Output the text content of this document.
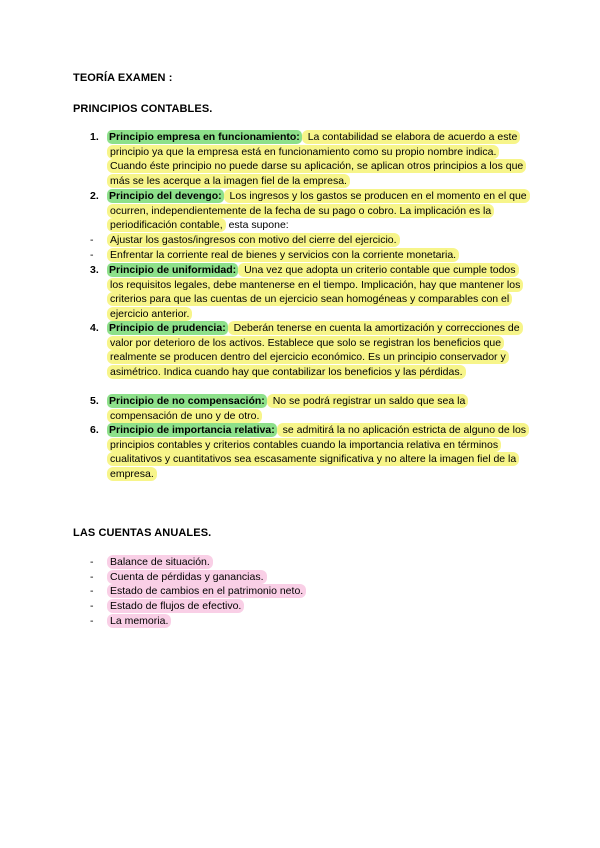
TEORÍA EXAMEN :
PRINCIPIOS CONTABLES.
1. Principio empresa en funcionamiento: La contabilidad se elabora de acuerdo a este principio ya que la empresa está en funcionamiento como su propio nombre indica. Cuando éste principio no puede darse su aplicación, se aplican otros principios a los que más se les acerque a la imagen fiel de la empresa.
2. Principio del devengo: Los ingresos y los gastos se producen en el momento en el que ocurren, independientemente de la fecha de su pago o cobro. La implicación es la periodificación contable, esta supone:
- Ajustar los gastos/ingresos con motivo del cierre del ejercicio.
- Enfrentar la corriente real de bienes y servicios con la corriente monetaria.
3. Principio de uniformidad: Una vez que adopta un criterio contable que cumple todos los requisitos legales, debe mantenerse en el tiempo. Implicación, hay que mantener los criterios para que las cuentas de un ejercicio sean homogéneas y comparables con el ejercicio anterior.
4. Principio de prudencia: Deberán tenerse en cuenta la amortización y correcciones de valor por deterioro de los activos. Establece que solo se registran los beneficios que realmente se producen dentro del ejercicio económico. Es un principio conservador y asimétrico. Indica cuando hay que contabilizar los beneficios y las pérdidas.
5. Principio de no compensación: No se podrá registrar un saldo que sea la compensación de uno y de otro.
6. Principio de importancia relativa: se admitirá la no aplicación estricta de alguno de los principios contables y criterios contables cuando la importancia relativa en términos cualitativos y cuantitativos sea escasamente significativa y no altere la imagen fiel de la empresa.
LAS CUENTAS ANUALES.
- Balance de situación.
- Cuenta de pérdidas y ganancias.
- Estado de cambios en el patrimonio neto.
- Estado de flujos de efectivo.
- La memoria.
